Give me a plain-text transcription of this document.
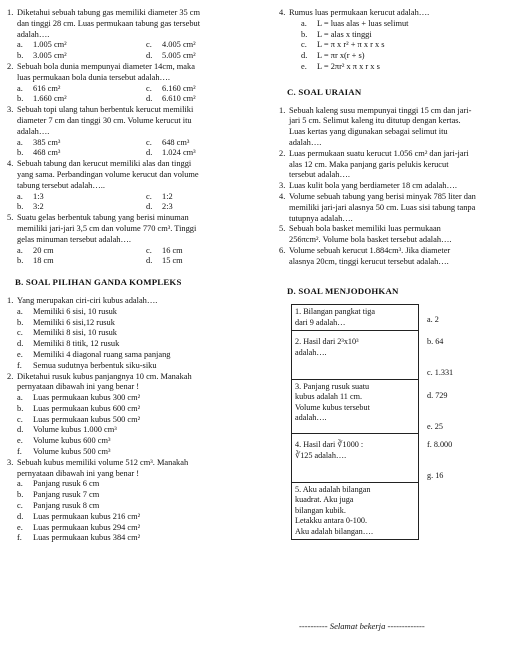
1. Diketahui sebuah tabung gas memiliki diameter 35 cm
dan tinggi 28 cm. Luas permukaan tabung gas tersebut
adalah….
a. 1.005 cm²	c. 4.005 cm²
b. 3.005 cm²	d. 5.005 cm²
2. Sebuah bola dunia mempunyai diameter 14cm, maka
luas permukaan bola dunia tersebut adalah….
a. 616 cm²	c. 6.160 cm²
b. 1.660 cm²	d. 6.610 cm²
3. Sebuah topi ulang tahun berbentuk kerucut memiliki
diameter 7 cm dan tinggi 30 cm. Volume kerucut itu
adalah….
a. 385 cm³	c. 648 cm³
b. 468 cm³	d. 1.024 cm³
4. Sebuah tabung dan kerucut memiliki alas dan tinggi
yang sama. Perbandingan volume kerucut dan volume
tabung tersebut adalah…..
a. 1:3	c. 1:2
b. 3:2	d. 2:3
5. Suatu gelas berbentuk tabung yang berisi minuman
memiliki jari-jari 3,5 cm dan volume 770 cm³. Tinggi
gelas minuman tersebut adalah….
a. 20 cm	c. 16 cm
b. 18 cm	d. 15 cm
B. SOAL PILIHAN GANDA KOMPLEKS
1. Yang merupakan ciri-ciri kubus adalah….
a. Memiliki 6 sisi, 10 rusuk
b. Memiliki 6 sisi,12 rusuk
c. Memiliki 8 sisi, 10 rusuk
d. Memiliki 8 titik, 12 rusuk
e. Memiliki 4 diagonal ruang sama panjang
f. Semua sudutnya berbentuk siku-siku
2. Diketahui rusuk kubus panjangnya 10 cm. Manakah
pernyataan dibawah ini yang benar !
a. Luas permukaan kubus 300 cm²
b. Luas permukaan kubus 600 cm²
c. Luas permukaan kubus 500 cm²
d. Volume kubus 1.000 cm³
e. Volume kubus 600 cm³
f. Volume kubus 500 cm³
3. Sebuah kubus memiliki volume 512 cm³. Manakah
pernyataan dibawah ini yang benar !
a. Panjang rusuk 6 cm
b. Panjang rusuk 7 cm
c. Panjang rusuk 8 cm
d. Luas permukaan kubus 216 cm²
e. Luas permukaan kubus 294 cm²
f. Luas permukaan kubus 384 cm²
4. Rumus luas permukaan kerucut adalah….
a. L = luas alas + luas selimut
b. L = alas x tinggi
c. L = π x r² + π x r x s
d. L = πr x(r + s)
e. L = 2πr² x π x r x s
C. SOAL URAIAN
1. Sebuah kaleng susu mempunyai tinggi 15 cm dan jari-
jari 5 cm. Selimut kaleng itu ditutup dengan kertas.
Luas kertas yang digunakan sebagai selimut itu
adalah….
2. Luas permukaan suatu kerucut 1.056 cm² dan jari-jari
alas 12 cm. Maka panjang garis pelukis kerucut
tersebut adalah….
3. Luas kulit bola yang berdiameter 18 cm adalah….
4. Volume sebuah tabung yang berisi minyak 785 liter dan
memiliki jari-jari alasnya 50 cm. Luas sisi tabung tanpa
tutupnya adalah….
5. Sebuah bola basket memiliki luas permukaan
256πcm². Volume bola basket tersebut adalah….
6. Volume sebuah kerucut 1.884cm³. Jika diameter
alasnya 20cm, tinggi kerucut tersebut adalah….
D. SOAL MENJODOHKAN
1. Bilangan pangkat tiga
dari 9 adalah…	a. 2
2. Hasil dari 2³x10³
adalah….	b. 64

c. 1.331
3. Panjang rusuk suatu
kubus adalah 11 cm.
Volume kubus tersebut
adalah….	d. 729

e. 25
4. Hasil dari ∛1000 :
∛125 adalah….	f. 8.000

g. 16
5. Aku adalah bilangan
kuadrat. Aku juga
bilangan kubik.
Letakku antara 0-100.
Aku adalah bilangan….	
---------- Selamat bekerja -------------
